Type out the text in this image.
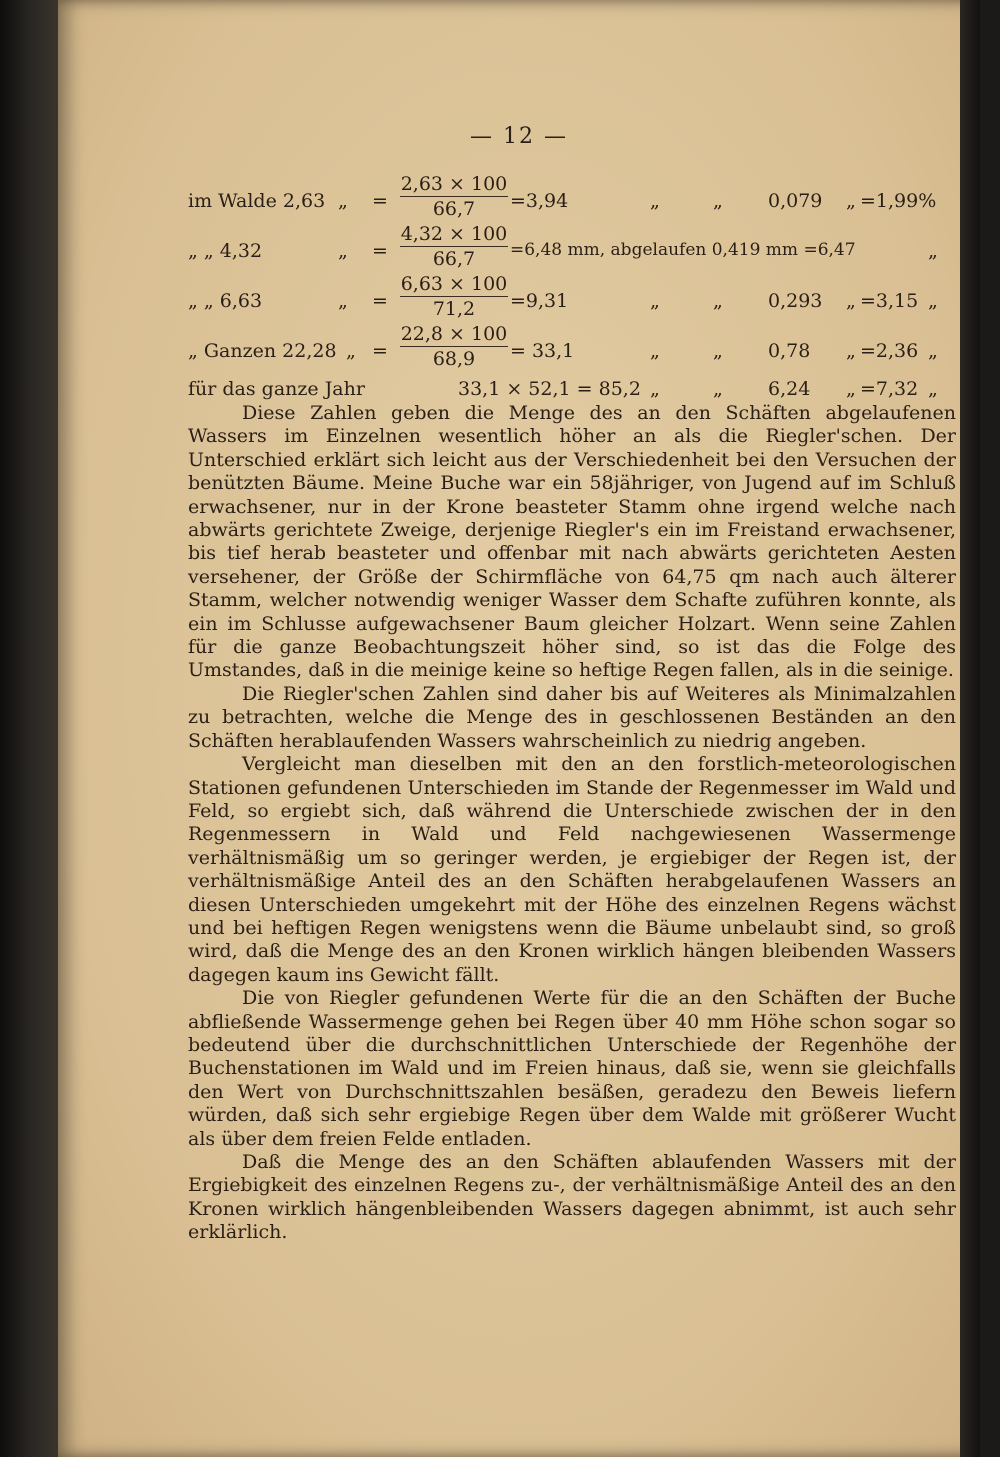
— 12 —
im Walde 2,63 „ = $\frac{2,63 \times 100}{66,7} =3,94$	„	„ 0,079 „ =1,99%
„ „ 4,32	„ = $\frac{4,32 \times 100}{66,7} =6,48$ mm, abgelaufen 0,419 mm =6,47	„
„ „ 6,63	„ = $\frac{6,63 \times 100}{71,2} =9,31$	„	„ 0,293 „ =3,15 „
„ Ganzen 22,28 „ = $\frac{22,8 \times 100}{68,9} = 33,1$	„	„ 0,78 „ =2,36 „
für das ganze Jahr	33,1 × 52,1 = 85,2 „	„ 6,24 „ =7,32 „

Diese Zahlen geben die Menge des an den Schäften abgelaufenen Wassers im Einzelnen wesentlich höher an als die Riegler'schen. Der Unterschied erklärt sich leicht aus der Verschiedenheit bei den Versuchen der benützten Bäume. Meine Buche war ein 58jähriger, von Jugend auf im Schluß erwachsener, nur in der Krone beasteter Stamm ohne irgend welche nach abwärts gerichtete Zweige, derjenige Riegler's ein im Freistand erwachsener, bis tief herab beasteter und offenbar mit nach abwärts gerichteten Aesten versehener, der Größe der Schirmfläche von 64,75 qm nach auch älterer Stamm, welcher notwendig weniger Wasser dem Schafte zuführen konnte, als ein im Schlusse aufgewachsener Baum gleicher Holzart. Wenn seine Zahlen für die ganze Beobachtungszeit höher sind, so ist das die Folge des Umstandes, daß in die meinige keine so heftige Regen fallen, als in die seinige.

Die Riegler'schen Zahlen sind daher bis auf Weiteres als Minimalzahlen zu betrachten, welche die Menge des in geschlossenen Beständen an den Schäften herablaufenden Wassers wahrscheinlich zu niedrig angeben.

Vergleicht man dieselben mit den an den forstlich-meteorologischen Stationen gefundenen Unterschieden im Stande der Regenmesser im Wald und Feld, so ergiebt sich, daß während die Unterschiede zwischen der in den Regenmessern in Wald und Feld nachgewiesenen Wassermenge verhältnismäßig um so geringer werden, je ergiebiger der Regen ist, der verhältnismäßige Anteil des an den Schäften herabgelaufenen Wassers an diesen Unterschieden umgekehrt mit der Höhe des einzelnen Regens wächst und bei heftigen Regen wenigstens wenn die Bäume unbelaubt sind, so groß wird, daß die Menge des an den Kronen wirklich hängen bleibenden Wassers dagegen kaum ins Gewicht fällt.

Die von Riegler gefundenen Werte für die an den Schäften der Buche abfließende Wassermenge gehen bei Regen über 40 mm Höhe schon sogar so bedeutend über die durchschnittlichen Unterschiede der Regenhöhe der Buchenstationen im Wald und im Freien hinaus, daß sie, wenn sie gleichfalls den Wert von Durchschnittszahlen besäßen, geradezu den Beweis liefern würden, daß sich sehr ergiebige Regen über dem Walde mit größerer Wucht als über dem freien Felde entladen.

Daß die Menge des an den Schäften ablaufenden Wassers mit der Ergiebigkeit des einzelnen Regens zu-, der verhältnismäßige Anteil des an den Kronen wirklich hängenbleibenden Wassers dagegen abnimmt, ist auch sehr erklärlich.
